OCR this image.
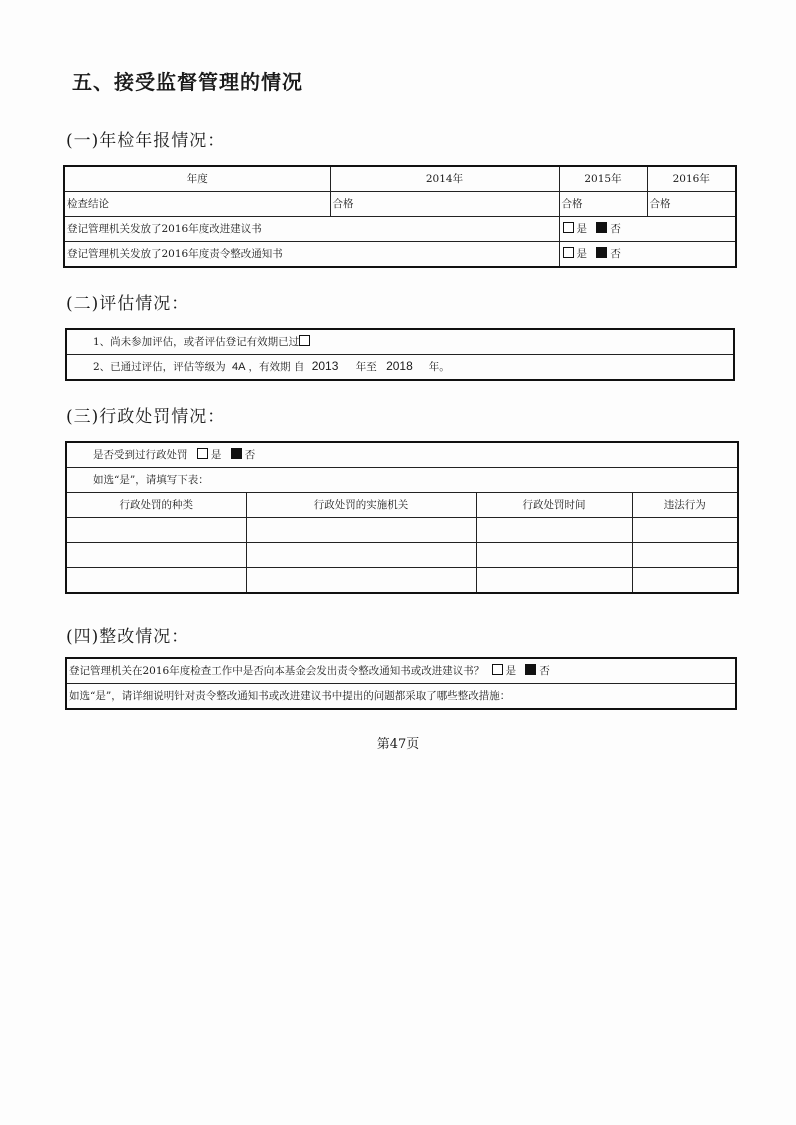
五、接受监督管理的情况
(一)年检年报情况：
年度	2014年	2015年	2016年
检查结论	合格	合格	合格
登记管理机关发放了2016年度改进建议书		是 否	
登记管理机关发放了2016年度责令整改通知书		是 否	
(二)评估情况：
1、尚未参加评估，或者评估登记有效期已过
2、已通过评估，评估等级为 4A ，有效期 自 2013 年至 2018 年。
(三)行政处罚情况：
是否受到过行政处罚 是 否			
如选“是”，请填写下表：			
行政处罚的种类	行政处罚的实施机关	行政处罚时间	违法行为

(四)整改情况：
登记管理机关在2016年度检查工作中是否向本基金会发出责令整改通知书或改进建议书？ 是 否
如选“是”，请详细说明针对责令整改通知书或改进建议书中提出的问题都采取了哪些整改措施：
第47页
